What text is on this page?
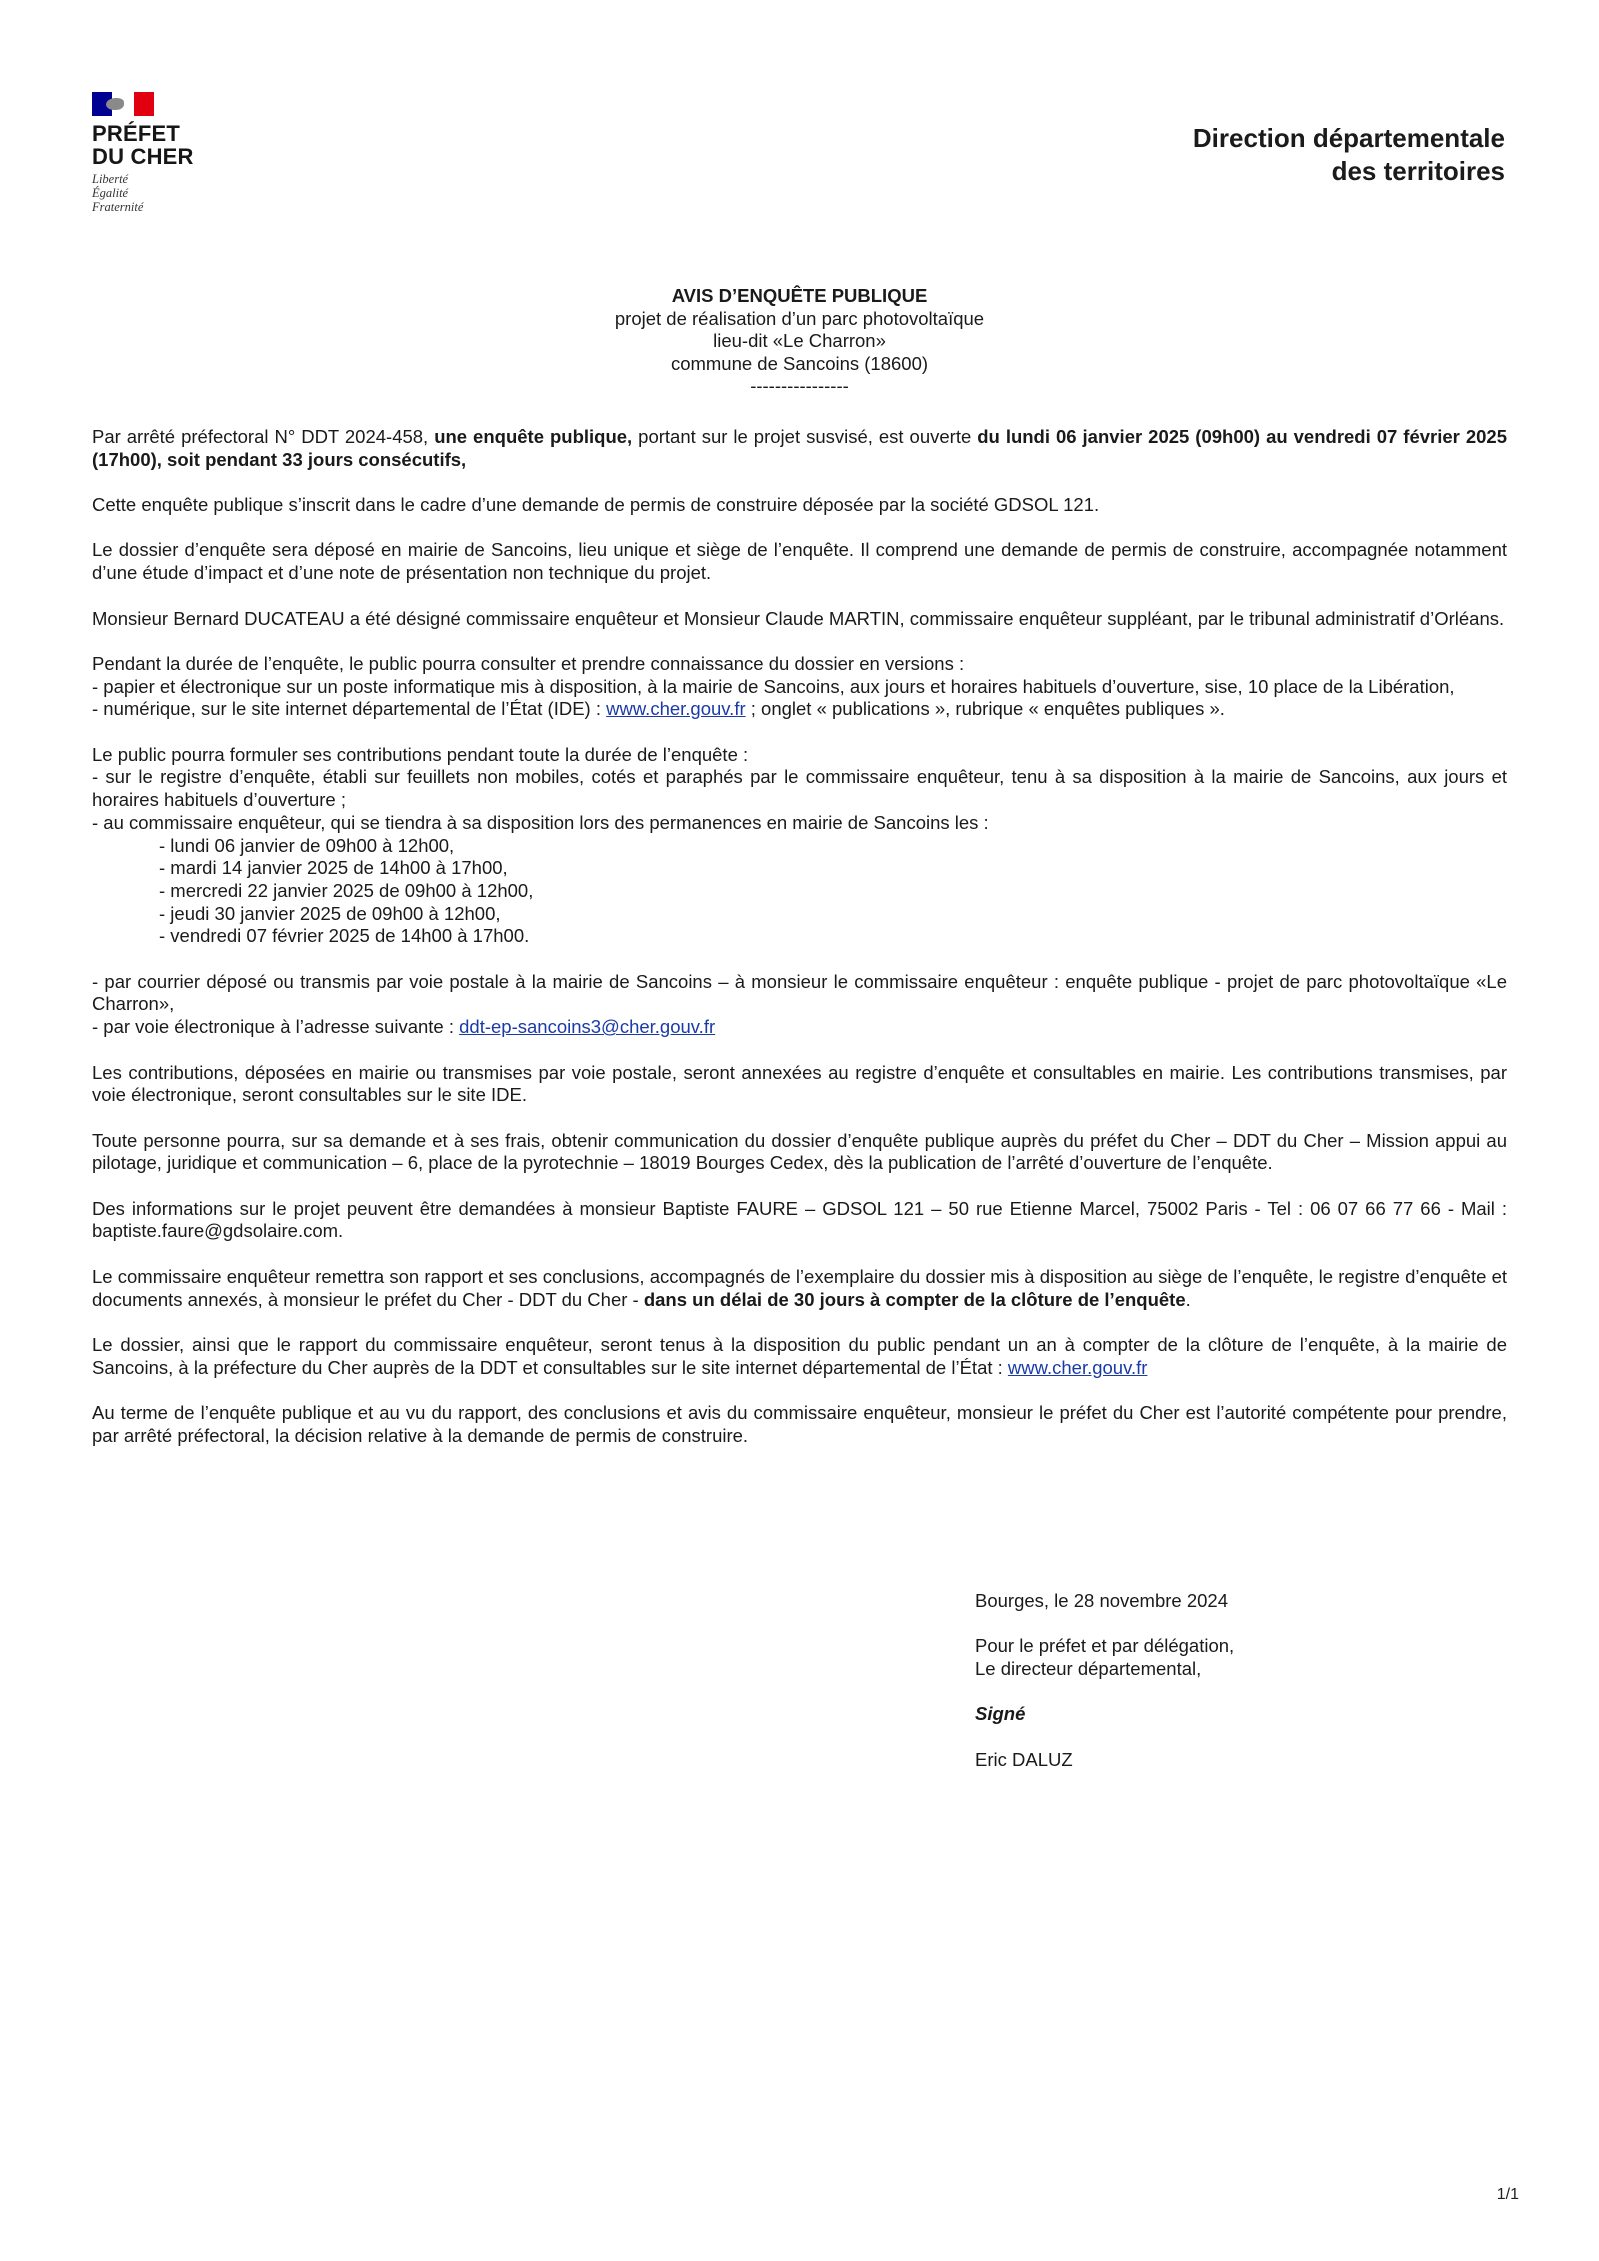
PRÉFET
DU CHER
Liberté
Égalité
Fraternité
Direction départementale
des territoires
AVIS D’ENQUÊTE PUBLIQUE
projet de réalisation d’un parc photovoltaïque
lieu-dit «Le Charron»
commune de Sancoins (18600)
----------------

Par arrêté préfectoral N° DDT 2024-458, une enquête publique, portant sur le projet susvisé, est ouverte du lundi 06 janvier 2025 (09h00) au vendredi 07 février 2025 (17h00), soit pendant 33 jours consécutifs,

Cette enquête publique s’inscrit dans le cadre d’une demande de permis de construire déposée par la société GDSOL 121.

Le dossier d’enquête sera déposé en mairie de Sancoins, lieu unique et siège de l’enquête. Il comprend une demande de permis de construire, accompagnée notamment d’une étude d’impact et d’une note de présentation non technique du projet.

Monsieur Bernard DUCATEAU a été désigné commissaire enquêteur et Monsieur Claude MARTIN, commissaire enquêteur suppléant, par le tribunal administratif d’Orléans.

Pendant la durée de l’enquête, le public pourra consulter et prendre connaissance du dossier en versions :
- papier et électronique sur un poste informatique mis à disposition, à la mairie de Sancoins, aux jours et horaires habituels d’ouverture, sise, 10 place de la Libération,
- numérique, sur le site internet départemental de l’État (IDE) : www.cher.gouv.fr ; onglet « publications », rubrique « enquêtes publiques ».

Le public pourra formuler ses contributions pendant toute la durée de l’enquête :
- sur le registre d’enquête, établi sur feuillets non mobiles, cotés et paraphés par le commissaire enquêteur, tenu à sa disposition à la mairie de Sancoins, aux jours et horaires habituels d’ouverture ;
- au commissaire enquêteur, qui se tiendra à sa disposition lors des permanences en mairie de Sancoins les :
- lundi 06 janvier de 09h00 à 12h00,
- mardi 14 janvier 2025 de 14h00 à 17h00,
- mercredi 22 janvier 2025 de 09h00 à 12h00,
- jeudi 30 janvier 2025 de 09h00 à 12h00,
- vendredi 07 février 2025 de 14h00 à 17h00.

- par courrier déposé ou transmis par voie postale à la mairie de Sancoins – à monsieur le commissaire enquêteur : enquête publique - projet de parc photovoltaïque «Le Charron»,
- par voie électronique à l’adresse suivante : ddt-ep-sancoins3@cher.gouv.fr

Les contributions, déposées en mairie ou transmises par voie postale, seront annexées au registre d’enquête et consultables en mairie. Les contributions transmises, par voie électronique, seront consultables sur le site IDE.

Toute personne pourra, sur sa demande et à ses frais, obtenir communication du dossier d’enquête publique auprès du préfet du Cher – DDT du Cher – Mission appui au pilotage, juridique et communication – 6, place de la pyrotechnie – 18019 Bourges Cedex, dès la publication de l’arrêté d’ouverture de l’enquête.

Des informations sur le projet peuvent être demandées à monsieur Baptiste FAURE – GDSOL 121 – 50 rue Etienne Marcel, 75002 Paris - Tel : 06 07 66 77 66 - Mail : baptiste.faure@gdsolaire.com.

Le commissaire enquêteur remettra son rapport et ses conclusions, accompagnés de l’exemplaire du dossier mis à disposition au siège de l’enquête, le registre d’enquête et documents annexés, à monsieur le préfet du Cher - DDT du Cher - dans un délai de 30 jours à compter de la clôture de l’enquête.

Le dossier, ainsi que le rapport du commissaire enquêteur, seront tenus à la disposition du public pendant un an à compter de la clôture de l’enquête, à la mairie de Sancoins, à la préfecture du Cher auprès de la DDT et consultables sur le site internet départemental de l’État : www.cher.gouv.fr

Au terme de l’enquête publique et au vu du rapport, des conclusions et avis du commissaire enquêteur, monsieur le préfet du Cher est l’autorité compétente pour prendre, par arrêté préfectoral, la décision relative à la demande de permis de construire.

Bourges, le 28 novembre 2024

Pour le préfet et par délégation,
Le directeur départemental,

Signé

Eric DALUZ

1/1
